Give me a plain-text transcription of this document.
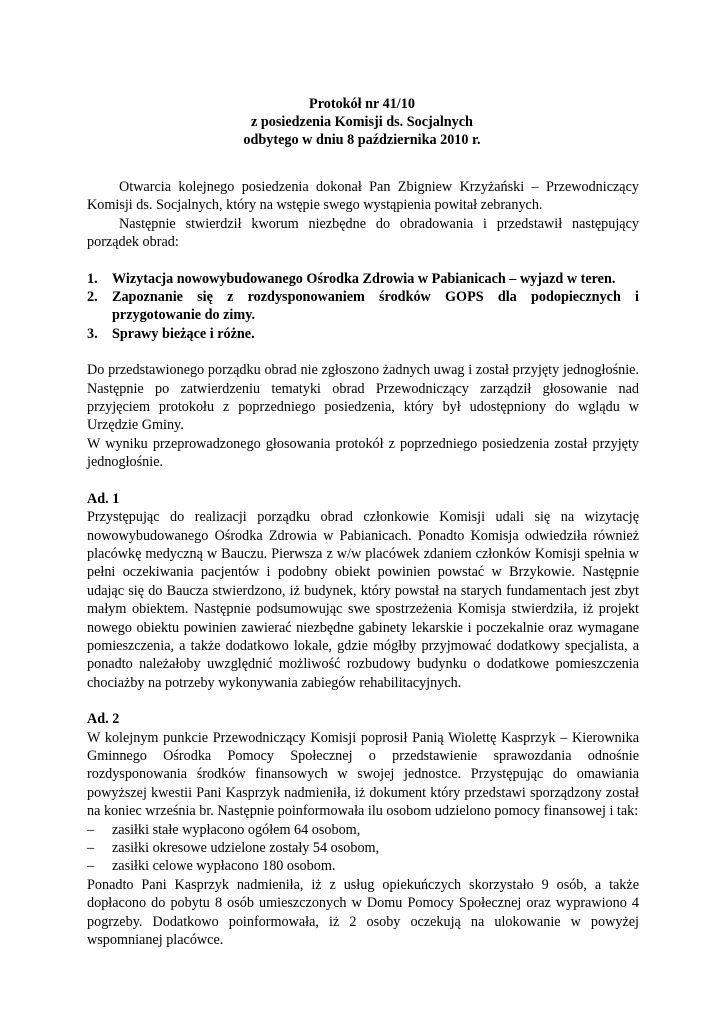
Protokół nr 41/10
z posiedzenia Komisji ds. Socjalnych
odbytego w dniu 8 października 2010 r.

Otwarcia kolejnego posiedzenia dokonał Pan Zbigniew Krzyżański – Przewodniczący Komisji ds. Socjalnych, który na wstępie swego wystąpienia powitał zebranych.

Następnie stwierdził kworum niezbędne do obradowania i przedstawił następujący porządek obrad:

1. Wizytacja nowowybudowanego Ośrodka Zdrowia w Pabianicach – wyjazd w teren.
2. Zapoznanie się z rozdysponowaniem środków GOPS dla podopiecznych i przygotowanie do zimy.
3. Sprawy bieżące i różne.

Do przedstawionego porządku obrad nie zgłoszono żadnych uwag i został przyjęty jednogłośnie. Następnie po zatwierdzeniu tematyki obrad Przewodniczący zarządził głosowanie nad przyjęciem protokołu z poprzedniego posiedzenia, który był udostępniony do wglądu w Urzędzie Gminy.

W wyniku przeprowadzonego głosowania protokół z poprzedniego posiedzenia został przyjęty jednogłośnie.

Ad. 1

Przystępując do realizacji porządku obrad członkowie Komisji udali się na wizytację nowowybudowanego Ośrodka Zdrowia w Pabianicach. Ponadto Komisja odwiedziła również placówkę medyczną w Bauczu. Pierwsza z w/w placówek zdaniem członków Komisji spełnia w pełni oczekiwania pacjentów i podobny obiekt powinien powstać w Brzykowie. Następnie udając się do Baucza stwierdzono, iż budynek, który powstał na starych fundamentach jest zbyt małym obiektem. Następnie podsumowując swe spostrzeżenia Komisja stwierdziła, iż projekt nowego obiektu powinien zawierać niezbędne gabinety lekarskie i poczekalnie oraz wymagane pomieszczenia, a także dodatkowo lokale, gdzie mógłby przyjmować dodatkowy specjalista, a ponadto należałoby uwzględnić możliwość rozbudowy budynku o dodatkowe pomieszczenia chociażby na potrzeby wykonywania zabiegów rehabilitacyjnych.

Ad. 2

W kolejnym punkcie Przewodniczący Komisji poprosił Panią Wiolettę Kasprzyk – Kierownika Gminnego Ośrodka Pomocy Społecznej o przedstawienie sprawozdania odnośnie rozdysponowania środków finansowych w swojej jednostce. Przystępując do omawiania powyższej kwestii Pani Kasprzyk nadmieniła, iż dokument który przedstawi sporządzony został na koniec września br. Następnie poinformowała ilu osobom udzielono pomocy finansowej i tak:

– zasiłki stałe wypłacono ogółem 64 osobom,
– zasiłki okresowe udzielone zostały 54 osobom,
– zasiłki celowe wypłacono 180 osobom.

Ponadto Pani Kasprzyk nadmieniła, iż z usług opiekuńczych skorzystało 9 osób, a także dopłacono do pobytu 8 osób umieszczonych w Domu Pomocy Społecznej oraz wyprawiono 4 pogrzeby. Dodatkowo poinformowała, iż 2 osoby oczekują na ulokowanie w powyżej wspomnianej placówce.
